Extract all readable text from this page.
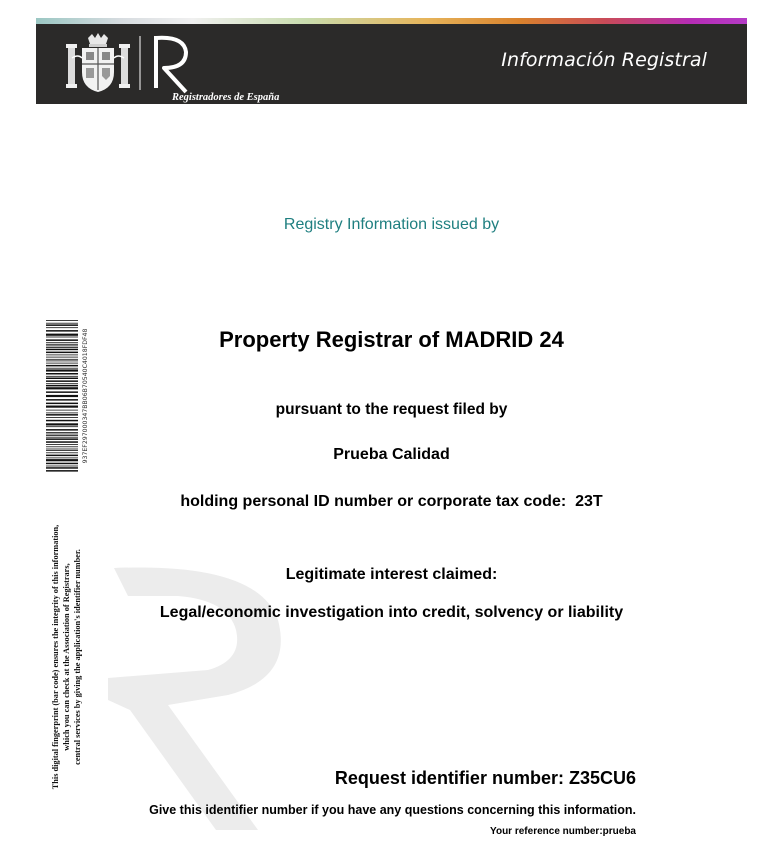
Registradores de España
Información Registral
937EF297000347BB06B70540C4018FDF48
This digital fingerprint (bar code) ensures the integrity of this information, which you can check at the Association of Registrars, central services by giving the application's identifier number.
Registry Information issued by
Property Registrar of MADRID 24
pursuant to the request filed by
Prueba Calidad
holding personal ID number or corporate tax code: 23T
Legitimate interest claimed:
Legal/economic investigation into credit, solvency or liability
Request identifier number: Z35CU6
Give this identifier number if you have any questions concerning this information.
Your reference number:prueba
